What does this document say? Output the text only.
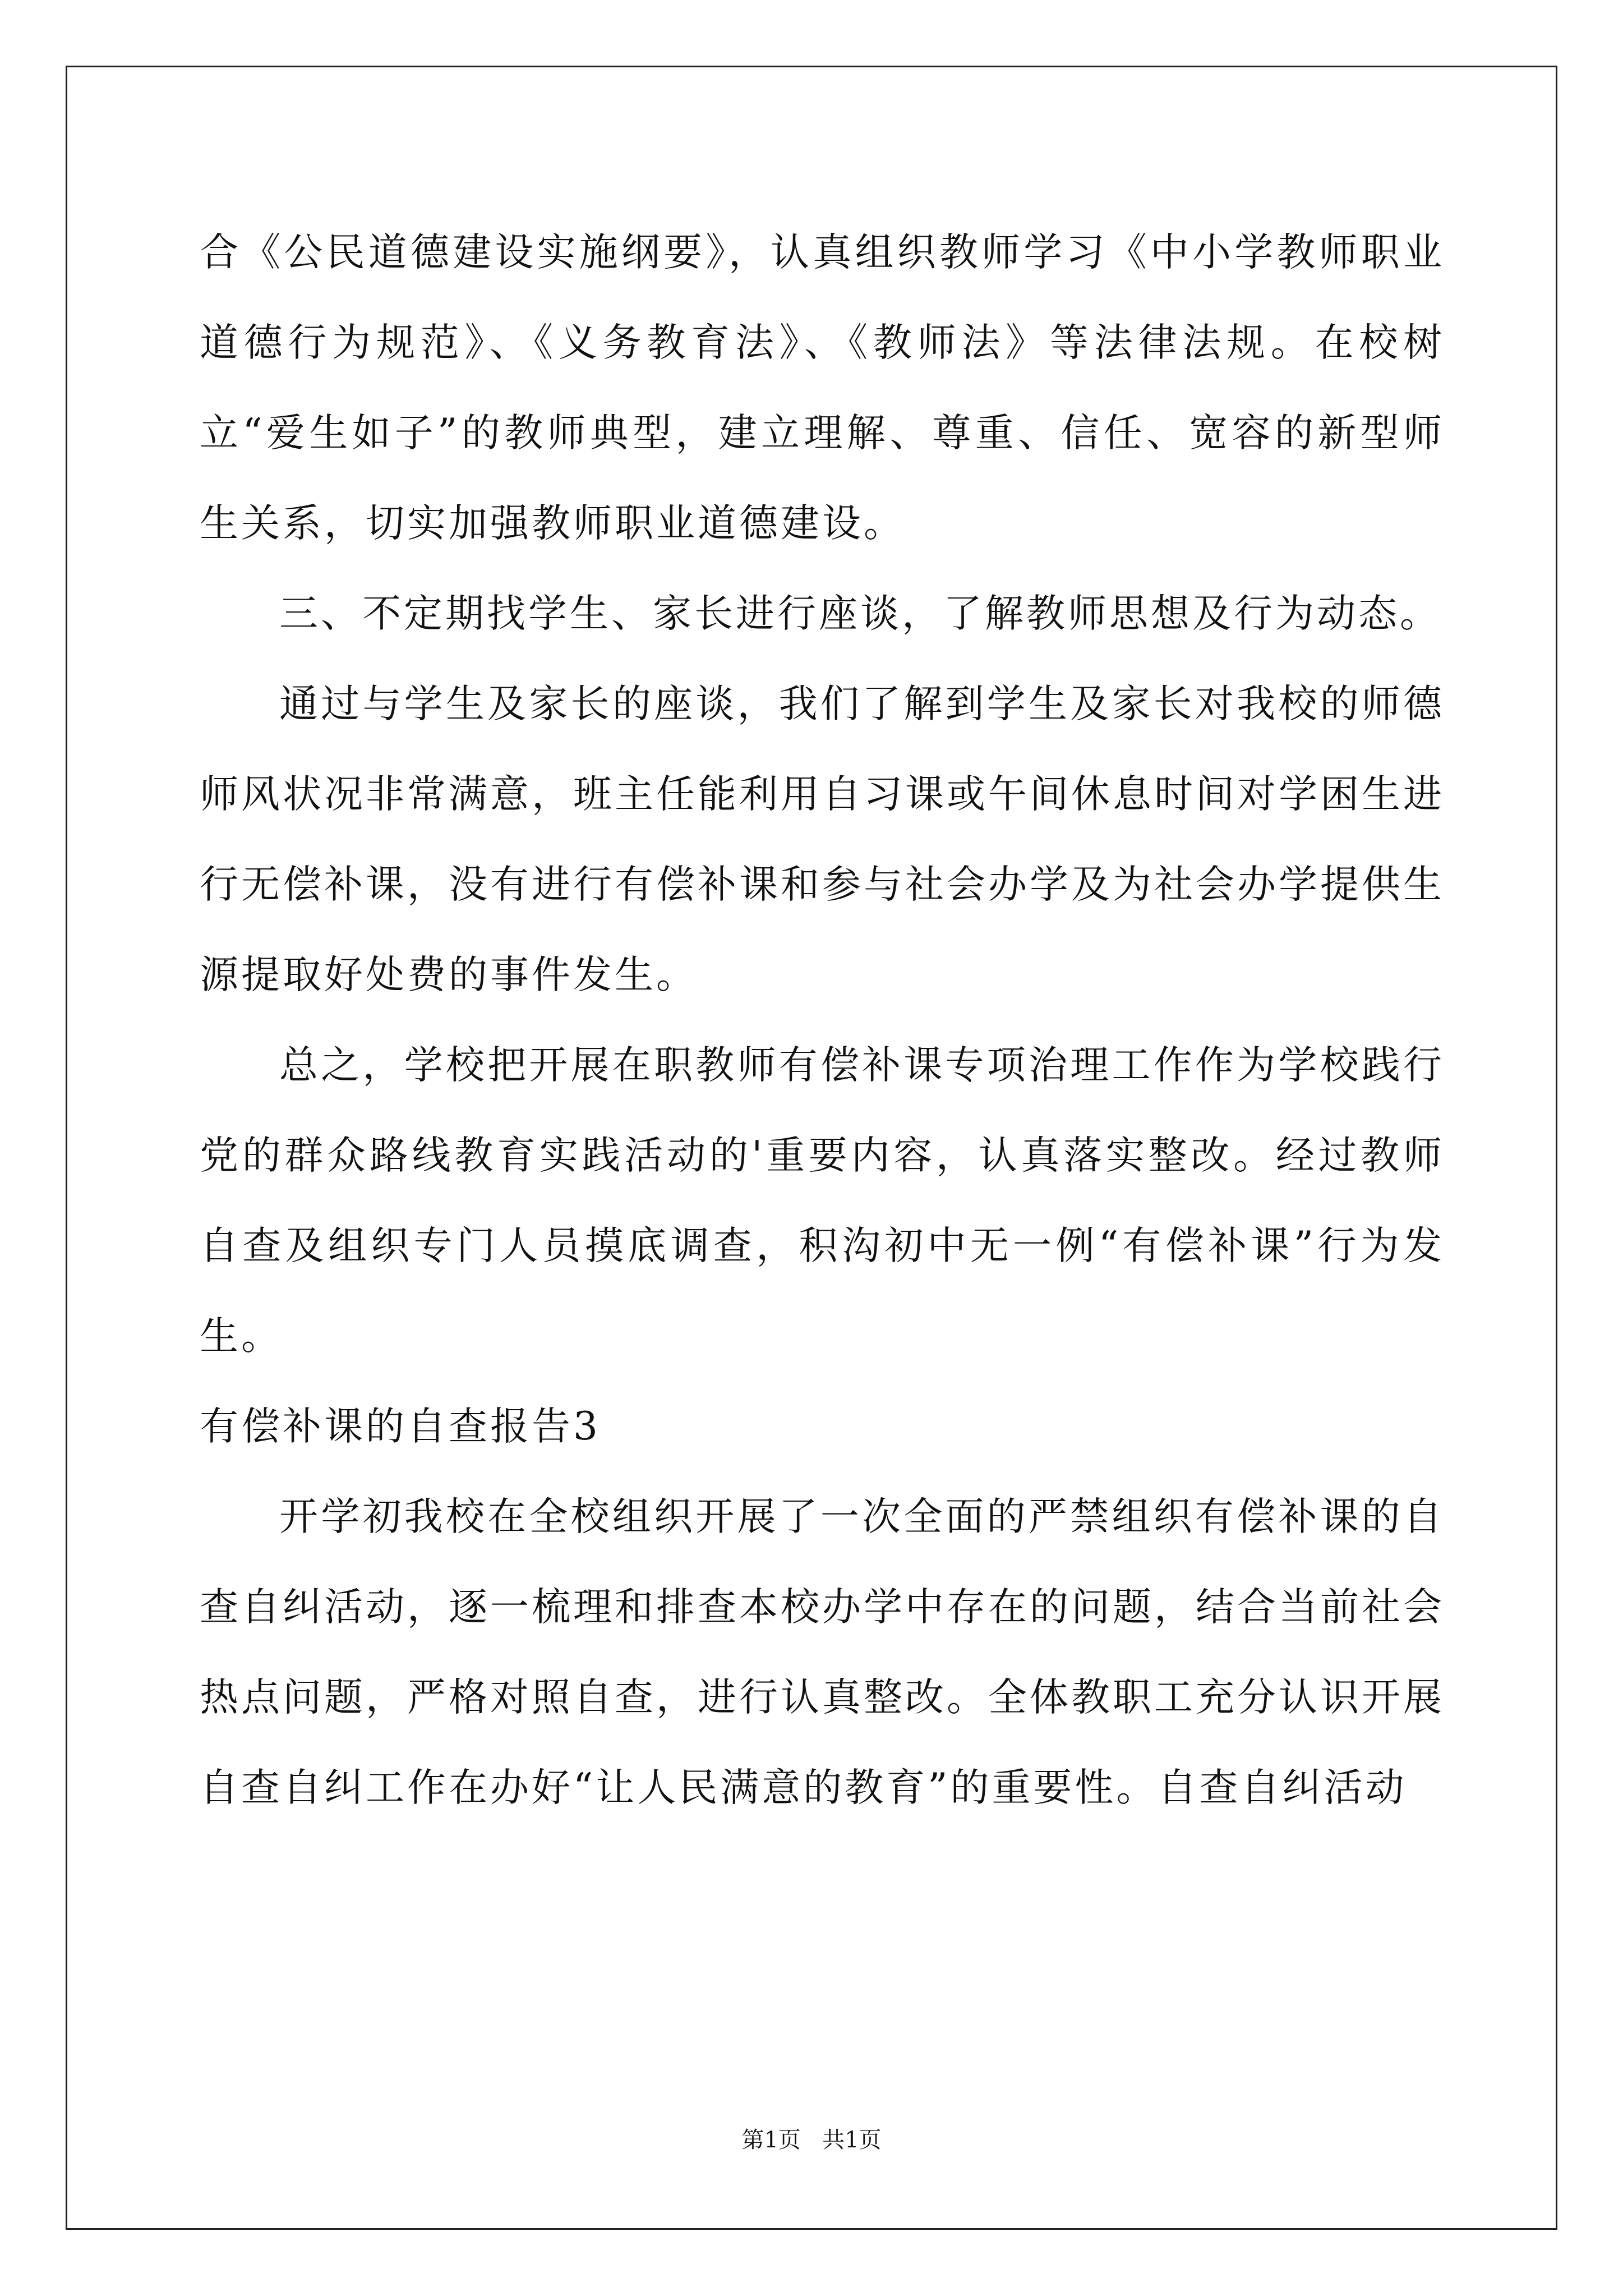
合《公民道德建设实施纲要》，认真组织教师学习《中小学教师职业道德行为规范》、《义务教育法》、《教师法》等法律法规。在校树立“爱生如子”的教师典型，建立理解、尊重、信任、宽容的新型师生关系，切实加强教师职业道德建设。

三、不定期找学生、家长进行座谈，了解教师思想及行为动态。

通过与学生及家长的座谈，我们了解到学生及家长对我校的师德师风状况非常满意，班主任能利用自习课或午间休息时间对学困生进行无偿补课，没有进行有偿补课和参与社会办学及为社会办学提供生源提取好处费的事件发生。

总之，学校把开展在职教师有偿补课专项治理工作作为学校践行党的群众路线教育实践活动的'重要内容，认真落实整改。经过教师自查及组织专门人员摸底调查，积沟初中无一例“有偿补课”行为发生。

有偿补课的自查报告3

开学初我校在全校组织开展了一次全面的严禁组织有偿补课的自查自纠活动，逐一梳理和排查本校办学中存在的问题，结合当前社会热点问题，严格对照自查，进行认真整改。全体教职工充分认识开展自查自纠工作在办好“让人民满意的教育”的重要性。自查自纠活动

第1页 共1页
